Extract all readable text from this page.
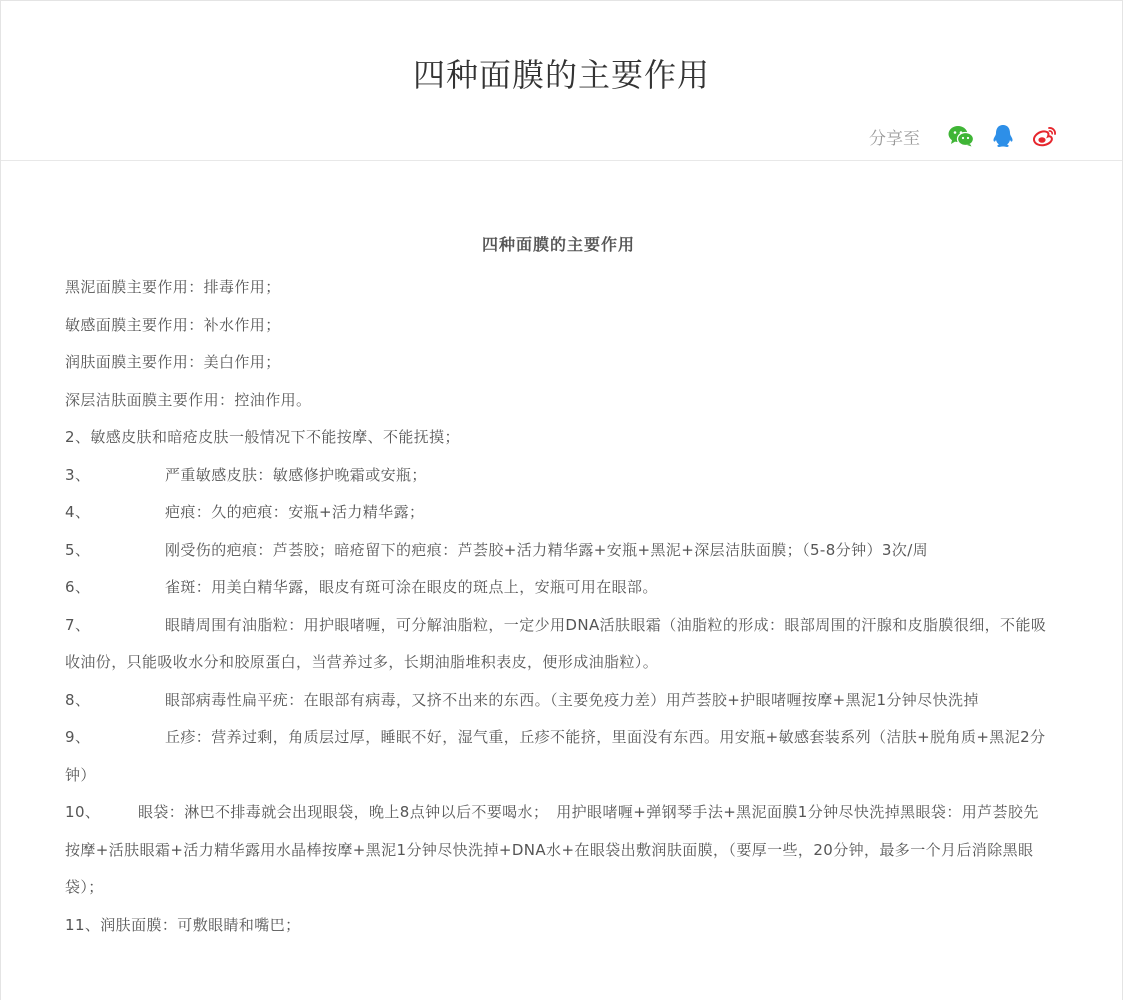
四种面膜的主要作用
分享至
四种面膜的主要作用

黑泥面膜主要作用：排毒作用；

敏感面膜主要作用：补水作用；

润肤面膜主要作用：美白作用；

深层洁肤面膜主要作用：控油作用。

2、敏感皮肤和暗疮皮肤一般情况下不能按摩、不能抚摸；

3、	严重敏感皮肤：敏感修护晚霜或安瓶；

4、	疤痕：久的疤痕：安瓶+活力精华露；

5、	刚受伤的疤痕：芦荟胶；暗疮留下的疤痕：芦荟胶+活力精华露+安瓶+黑泥+深层洁肤面膜；（5-8分钟）3次/周

6、	雀斑：用美白精华露，眼皮有斑可涂在眼皮的斑点上，安瓶可用在眼部。

7、	眼睛周围有油脂粒：用护眼啫喱，可分解油脂粒，一定少用DNA活肤眼霜（油脂粒的形成：眼部周围的汗腺和皮脂膜很细，不能吸收油份，只能吸收水分和胶原蛋白，当营养过多，长期油脂堆积表皮，便形成油脂粒）。

8、	眼部病毒性扁平疣：在眼部有病毒，又挤不出来的东西。（主要免疫力差）用芦荟胶+护眼啫喱按摩+黑泥1分钟尽快洗掉

9、	丘疹：营养过剩，角质层过厚，睡眠不好，湿气重，丘疹不能挤，里面没有东西。用安瓶+敏感套装系列（洁肤+脱角质+黑泥2分钟）

10、	眼袋：淋巴不排毒就会出现眼袋，晚上8点钟以后不要喝水；　用护眼啫喱+弹钢琴手法+黑泥面膜1分钟尽快洗掉黑眼袋：用芦荟胶先按摩+活肤眼霜+活力精华露用水晶棒按摩+黑泥1分钟尽快洗掉+DNA水+在眼袋出敷润肤面膜，（要厚一些，20分钟，最多一个月后消除黑眼袋）；

11、润肤面膜：可敷眼睛和嘴巴；
